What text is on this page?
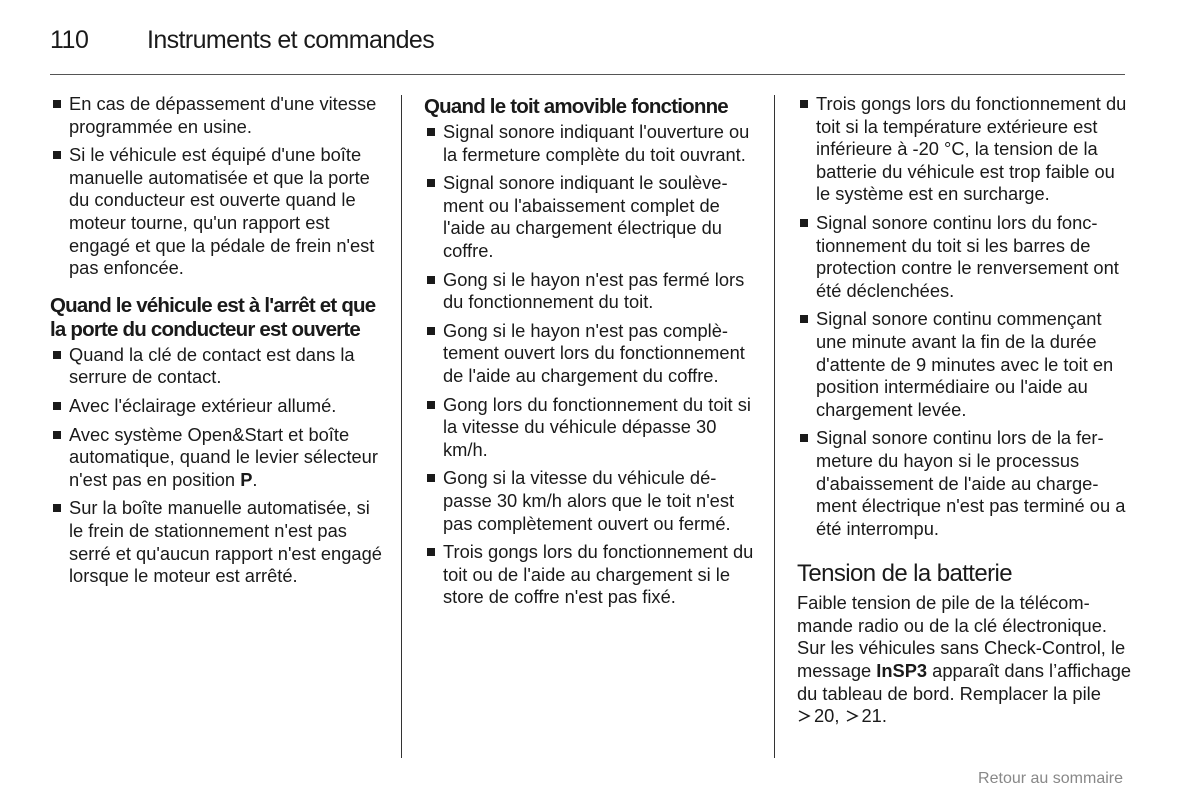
110 Instruments et commandes
En cas de dépassement d'une vitesse programmée en usine.
Si le véhicule est équipé d'une boîte manuelle automatisée et que la porte du conducteur est ouverte quand le moteur tourne, qu'un rapport est engagé et que la pédale de frein n'est pas enfoncée.
Quand le véhicule est à l'arrêt et que la porte du conducteur est ouverte
Quand la clé de contact est dans la serrure de contact.
Avec l'éclairage extérieur allumé.
Avec système Open&Start et boîte automatique, quand le levier sélecteur n'est pas en position P.
Sur la boîte manuelle automatisée, si le frein de stationnement n'est pas serré et qu'aucun rapport n'est engagé lorsque le moteur est arrêté.
Quand le toit amovible fonctionne
Signal sonore indiquant l'ouverture ou la fermeture complète du toit ouvrant.
Signal sonore indiquant le soulèvement ou l'abaissement complet de l'aide au chargement électrique du coffre.
Gong si le hayon n'est pas fermé lors du fonctionnement du toit.
Gong si le hayon n'est pas complètement ouvert lors du fonctionnement de l'aide au chargement du coffre.
Gong lors du fonctionnement du toit si la vitesse du véhicule dépasse 30 km/h.
Gong si la vitesse du véhicule dépasse 30 km/h alors que le toit n'est pas complètement ouvert ou fermé.
Trois gongs lors du fonctionnement du toit ou de l'aide au chargement si le store de coffre n'est pas fixé.
Trois gongs lors du fonctionnement du toit si la température extérieure est inférieure à -20 °C, la tension de la batterie du véhicule est trop faible ou le système est en surcharge.
Signal sonore continu lors du fonctionnement du toit si les barres de protection contre le renversement ont été déclenchées.
Signal sonore continu commençant une minute avant la fin de la durée d'attente de 9 minutes avec le toit en position intermédiaire ou l'aide au chargement levée.
Signal sonore continu lors de la fermeture du hayon si le processus d'abaissement de l'aide au chargement électrique n'est pas terminé ou a été interrompu.
Tension de la batterie

Faible tension de pile de la télécommande radio ou de la clé électronique. Sur les véhicules sans Check-Control, le message InSP3 apparaît dans l’affichage du tableau de bord. Remplacer la pile 20, 21.

Retour au sommaire
